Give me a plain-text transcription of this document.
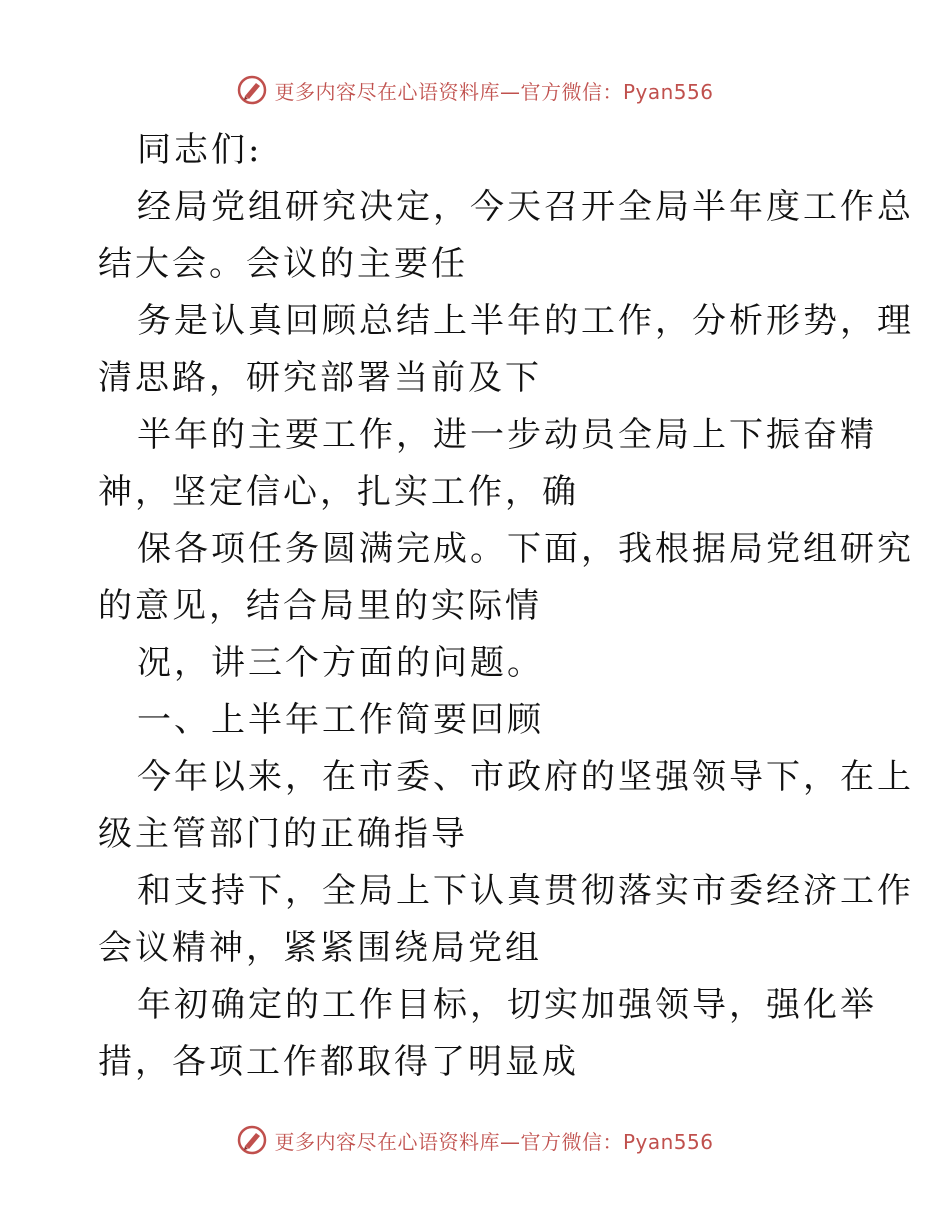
更多内容尽在心语资料库—官方微信：Pyan556
同志们:
经局党组研究决定，今天召开全局半年度工作总
结大会。会议的主要任
务是认真回顾总结上半年的工作，分析形势，理
清思路，研究部署当前及下
半年的主要工作，进一步动员全局上下振奋精
神，坚定信心，扎实工作，确
保各项任务圆满完成。下面，我根据局党组研究
的意见，结合局里的实际情
况，讲三个方面的问题。
一、上半年工作简要回顾
今年以来，在市委、市政府的坚强领导下，在上
级主管部门的正确指导
和支持下，全局上下认真贯彻落实市委经济工作
会议精神，紧紧围绕局党组
年初确定的工作目标，切实加强领导，强化举
措，各项工作都取得了明显成
更多内容尽在心语资料库—官方微信：Pyan556
